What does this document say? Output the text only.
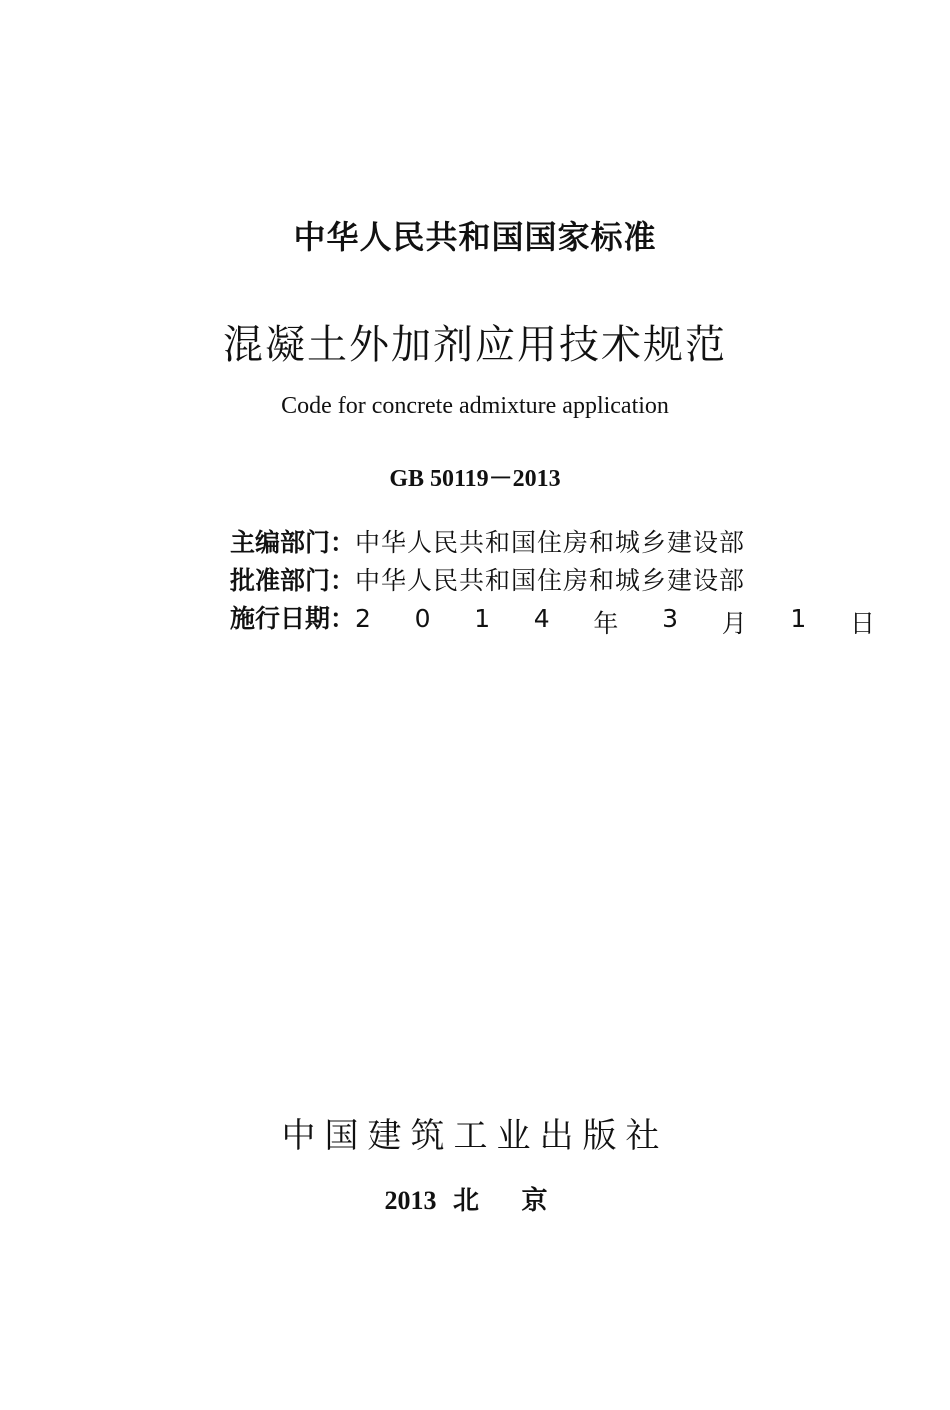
中华人民共和国国家标准
混凝土外加剂应用技术规范
Code for concrete admixture application
GB 50119－2013
主编部门： 中华人民共和国住房和城乡建设部
批准部门： 中华人民共和国住房和城乡建设部
施行日期： 2 0 1 4 年 3 月 1 日
中国建筑工业出版社
2013 北 京
